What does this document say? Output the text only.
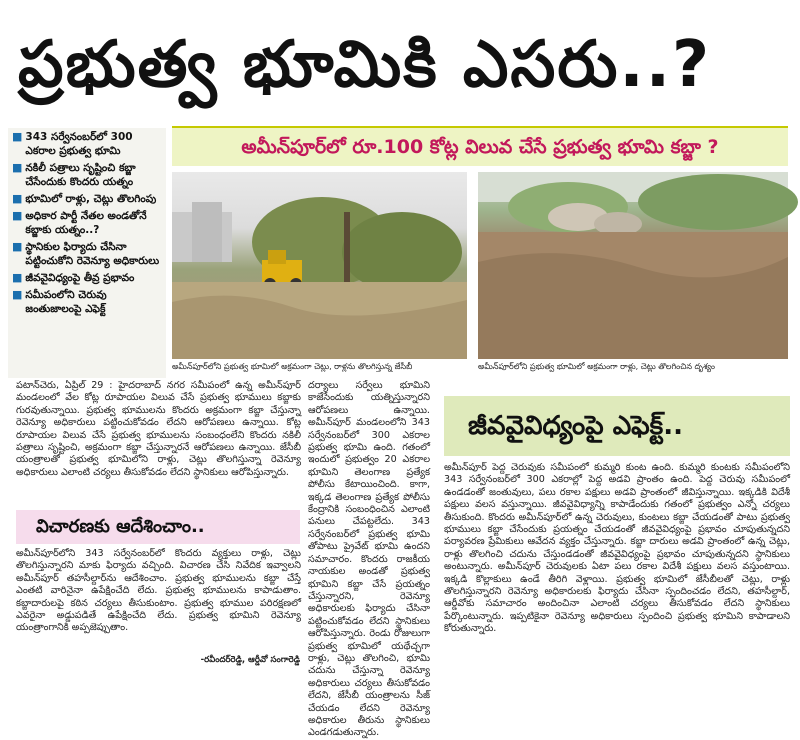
ప్రభుత్వ భూమికి ఎసరు..?
■ 343 సర్వేనంబర్‌లో 300 ఎకరాల ప్రభుత్వ భూమి
■ నకిలీ పత్రాలు సృష్టించి కబ్జా చేసేందుకు కొందరు యత్నం
■ భూమిలో రాళ్లు, చెట్లు తొలగింపు
■ అధికార పార్టీ నేతల అండతోనే కబ్జాకు యత్నం..?
■ స్థానికుల ఫిర్యాదు చేసినా పట్టించుకోని రెవెన్యూ అధికారులు
■ జీవవైవిధ్యంపై తీవ్ర ప్రభావం
■ సమీపంలోని చెరువు జంతుజాలంపై ఎఫెక్ట్
అమీన్‌పూర్‌లో రూ.100 కోట్ల విలువ చేసే ప్రభుత్వ భూమి కబ్జా ?
అమీన్‌పూర్‌లోని ప్రభుత్వ భూమిలో అక్రమంగా చెట్లు, రాళ్లను తొలగిస్తున్న జేసీబీ	అమీన్‌పూర్‌లోని ప్రభుత్వ భూమిలో అక్రమంగా రాళ్లు, చెట్లు తొలగించిన దృశ్యం
పటాన్‌చెరు, ఏప్రిల్ 29 : హైదరాబాద్ నగర సమీపంలో ఉన్న అమీన్‌పూర్ మండలంలో వేల కోట్ల రూపాయల విలువ చేసే ప్రభుత్వ భూములు కబ్జాకు గురవుతున్నాయి. ప్రభుత్వ భూములను కొందరు అక్రమంగా కబ్జా చేస్తున్నా రెవెన్యూ అధికారులు పట్టించుకోవడం లేదని ఆరోపణలు ఉన్నాయి. కోట్ల రూపాయల విలువ చేసే ప్రభుత్వ భూములను సంబంధంలేని కొందరు నకిలీ పత్రాలు సృష్టించి, అక్రమంగా కబ్జా చేస్తున్నారనే ఆరోపణలు ఉన్నాయి. జేసీబీ యంత్రాలతో ప్రభుత్వ భూమిలోని రాళ్లు, చెట్లు తొలగిస్తున్నా రెవెన్యూ అధికారులు ఎలాంటి చర్యలు తీసుకోవడం లేదని స్థానికులు ఆరోపిస్తున్నారు.
దర్యాలు సర్వేలు భూమిని కాజేసేందుకు యత్నిస్తున్నారని ఆరోపణలు ఉన్నాయి. అమీన్‌పూర్ మండలంలోని 343 సర్వేనంబర్‌లో 300 ఎకరాల ప్రభుత్వ భూమి ఉంది. గతంలో ఇందులో ప్రభుత్వం 20 ఎకరాల భూమిని తెలంగాణ ప్రత్యేక పోలీసు కేటాయించింది. కాగా, ఇక్కడ తెలంగాణ ప్రత్యేక పోలీసు కేంద్రానికి సంబంధించిన ఎలాంటి పనులు చేపట్టలేదు. 343 సర్వేనంబర్‌లో ప్రభుత్వ భూమి తోపాటు ప్రైవేట్ భూమి ఉందని సమాచారం. కొందరు రాజకీయ నాయకుల అండతో ప్రభుత్వ భూమిని కబ్జా చేసే ప్రయత్నం చేస్తున్నారని, రెవెన్యూ అధికారులకు ఫిర్యాదు చేసినా పట్టించుకోవడం లేదని స్థానికులు ఆరోపిస్తున్నారు. రెండు రోజులుగా ప్రభుత్వ భూమిలో యథేచ్ఛగా రాళ్లు, చెట్లు తొలగించి, భూమి చదును చేస్తున్నా రెవెన్యూ అధికారులు చర్యలు తీసుకోవడం లేదని, జేసీబీ యంత్రాలను సీజ్ చేయడం లేదని రెవెన్యూ అధికారుల తీరును స్థానికులు ఎండగడుతున్నారు.
జీవవైవిధ్యంపై ఎఫెక్ట్..
అమీన్‌పూర్ పెద్ద చెరువుకు సమీపంలో కుమ్మరి కుంట ఉంది. కుమ్మరి కుంటకు సమీపంలోని 343 సర్వేనంబర్‌లో 300 ఎకరాల్లో పెద్ద అడవి ప్రాంతం ఉంది. పెద్ద చెరువు సమీపంలో ఉండడంతో జంతువులు, పలు రకాల పక్షులు అడవి ప్రాంతంలో జీవిస్తున్నాయి. ఇక్కడికి విదేశీ పక్షులు వలస వస్తున్నాయి. జీవవైవిధ్యాన్ని కాపాడేందుకు గతంలో ప్రభుత్వం ఎన్నో చర్యలు తీసుకుంది. కొందరు అమీన్‌పూర్‌లో ఉన్న చెరువులు, కుంటలు కబ్జా చేయడంతో పాటు ప్రభుత్వ భూములు కబ్జా చేసేందుకు ప్రయత్నం చేయడంతో జీవవైవిధ్యంపై ప్రభావం చూపుతున్నదని పర్యావరణ ప్రేమికులు ఆవేదన వ్యక్తం చేస్తున్నారు. కబ్జా దారులు అడవి ప్రాంతంలో ఉన్న చెట్లు, రాళ్లు తొలగించి చదును చేస్తుండడంతో జీవవైవిధ్యంపై ప్రభావం చూపుతున్నదని స్థానికులు అంటున్నారు. అమీన్‌పూర్ చెరువులకు ఏటా పలు రకాల విదేశీ పక్షులు వలస వస్తుంటాయి. ఇక్కడి కొల్లాకులు ఉండే తీరిగి వెళ్లాయి. ప్రభుత్వ భూమిలో జేసీబీలతో చెట్లు, రాళ్లు తొలగిస్తున్నారని రెవెన్యూ అధికారులకు ఫిర్యాదు చేసినా స్పందించడం లేదని, తహసీల్దార్, ఆర్డీవోకు సమాచారం అందించినా ఎలాంటి చర్యలు తీసుకోవడం లేదని స్థానికులు పేర్కొంటున్నారు. ఇప్పటికైనా రెవెన్యూ అధికారులు స్పందించి ప్రభుత్వ భూమిని కాపాడాలని కోరుతున్నారు.
విచారణకు ఆదేశించాం..
అమీన్‌పూర్‌లోని 343 సర్వేనంబర్‌లో కొందరు వ్యక్తులు రాళ్లు, చెట్లు తొలగిస్తున్నారని మాకు ఫిర్యాదు వచ్చింది. విచారణ చేసి నివేదిక ఇవ్వాలని అమీన్‌పూర్ తహసీల్దార్‌ను ఆదేశించాం. ప్రభుత్వ భూములను కబ్జా చేస్తే ఎంతటి వారినైనా ఉపేక్షించేది లేదు. ప్రభుత్వ భూములను కాపాడుతాం. కబ్జాదారులపై కఠిన చర్యలు తీసుకుంటాం. ప్రభుత్వ భూముల పరిరక్షణలో ఎవరైనా అడ్డుపడితే ఉపేక్షించేది లేదు. ప్రభుత్వ భూమిని రెవెన్యూ యంత్రాంగానికి అప్పజెప్పుతాం.
-రవీందర్‌రెడ్డి, ఆర్డీవో సంగారెడ్డి
